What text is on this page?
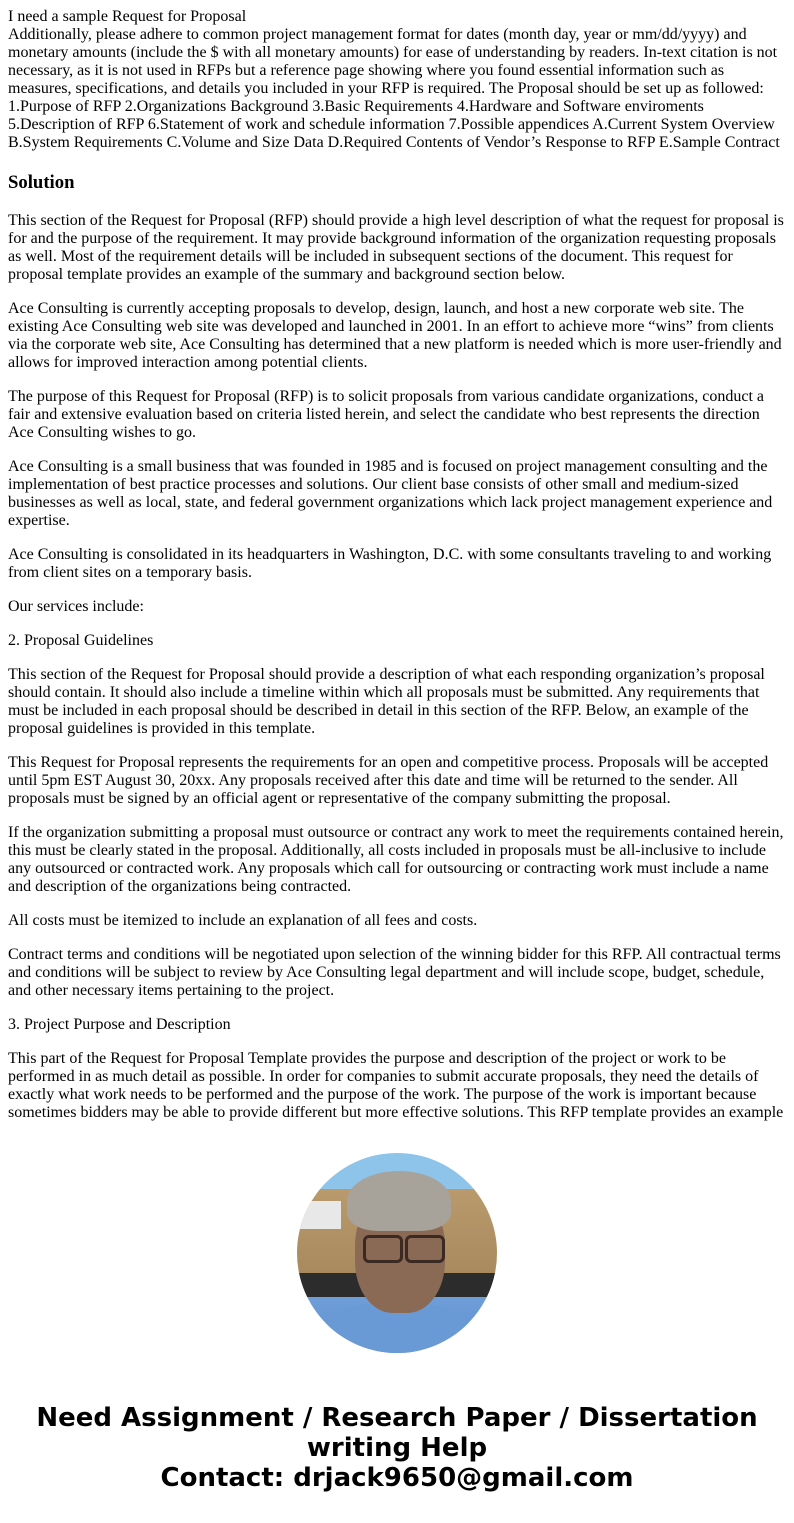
I need a sample Request for Proposal
Additionally, please adhere to common project management format for dates (month day, year or mm/dd/yyyy) and monetary amounts (include the $ with all monetary amounts) for ease of understanding by readers. In-text citation is not necessary, as it is not used in RFPs but a reference page showing where you found essential information such as measures, specifications, and details you included in your RFP is required. The Proposal should be set up as followed: 1.Purpose of RFP 2.Organizations Background 3.Basic Requirements 4.Hardware and Software enviroments 5.Description of RFP 6.Statement of work and schedule information 7.Possible appendices A.Current System Overview B.System Requirements C.Volume and Size Data D.Required Contents of Vendor’s Response to RFP E.Sample Contract
Solution

This section of the Request for Proposal (RFP) should provide a high level description of what the request for proposal is for and the purpose of the requirement. It may provide background information of the organization requesting proposals as well. Most of the requirement details will be included in subsequent sections of the document. This request for proposal template provides an example of the summary and background section below.

Ace Consulting is currently accepting proposals to develop, design, launch, and host a new corporate web site. The existing Ace Consulting web site was developed and launched in 2001. In an effort to achieve more “wins” from clients via the corporate web site, Ace Consulting has determined that a new platform is needed which is more user-friendly and allows for improved interaction among potential clients.

The purpose of this Request for Proposal (RFP) is to solicit proposals from various candidate organizations, conduct a fair and extensive evaluation based on criteria listed herein, and select the candidate who best represents the direction Ace Consulting wishes to go.

Ace Consulting is a small business that was founded in 1985 and is focused on project management consulting and the implementation of best practice processes and solutions. Our client base consists of other small and medium-sized businesses as well as local, state, and federal government organizations which lack project management experience and expertise.

Ace Consulting is consolidated in its headquarters in Washington, D.C. with some consultants traveling to and working from client sites on a temporary basis.

Our services include:

2. Proposal Guidelines

This section of the Request for Proposal should provide a description of what each responding organization’s proposal should contain. It should also include a timeline within which all proposals must be submitted. Any requirements that must be included in each proposal should be described in detail in this section of the RFP. Below, an example of the proposal guidelines is provided in this template.

This Request for Proposal represents the requirements for an open and competitive process. Proposals will be accepted until 5pm EST August 30, 20xx. Any proposals received after this date and time will be returned to the sender. All proposals must be signed by an official agent or representative of the company submitting the proposal.

If the organization submitting a proposal must outsource or contract any work to meet the requirements contained herein, this must be clearly stated in the proposal. Additionally, all costs included in proposals must be all-inclusive to include any outsourced or contracted work. Any proposals which call for outsourcing or contracting work must include a name and description of the organizations being contracted.

All costs must be itemized to include an explanation of all fees and costs.

Contract terms and conditions will be negotiated upon selection of the winning bidder for this RFP. All contractual terms and conditions will be subject to review by Ace Consulting legal department and will include scope, budget, schedule, and other necessary items pertaining to the project.

3. Project Purpose and Description

This part of the Request for Proposal Template provides the purpose and description of the project or work to be performed in as much detail as possible. In order for companies to submit accurate proposals, they need the details of exactly what work needs to be performed and the purpose of the work. The purpose of the work is important because sometimes bidders may be able to provide different but more effective solutions. This RFP template provides an example

Need Assignment / Research Paper / Dissertation
writing Help
Contact: drjack9650@gmail.com
